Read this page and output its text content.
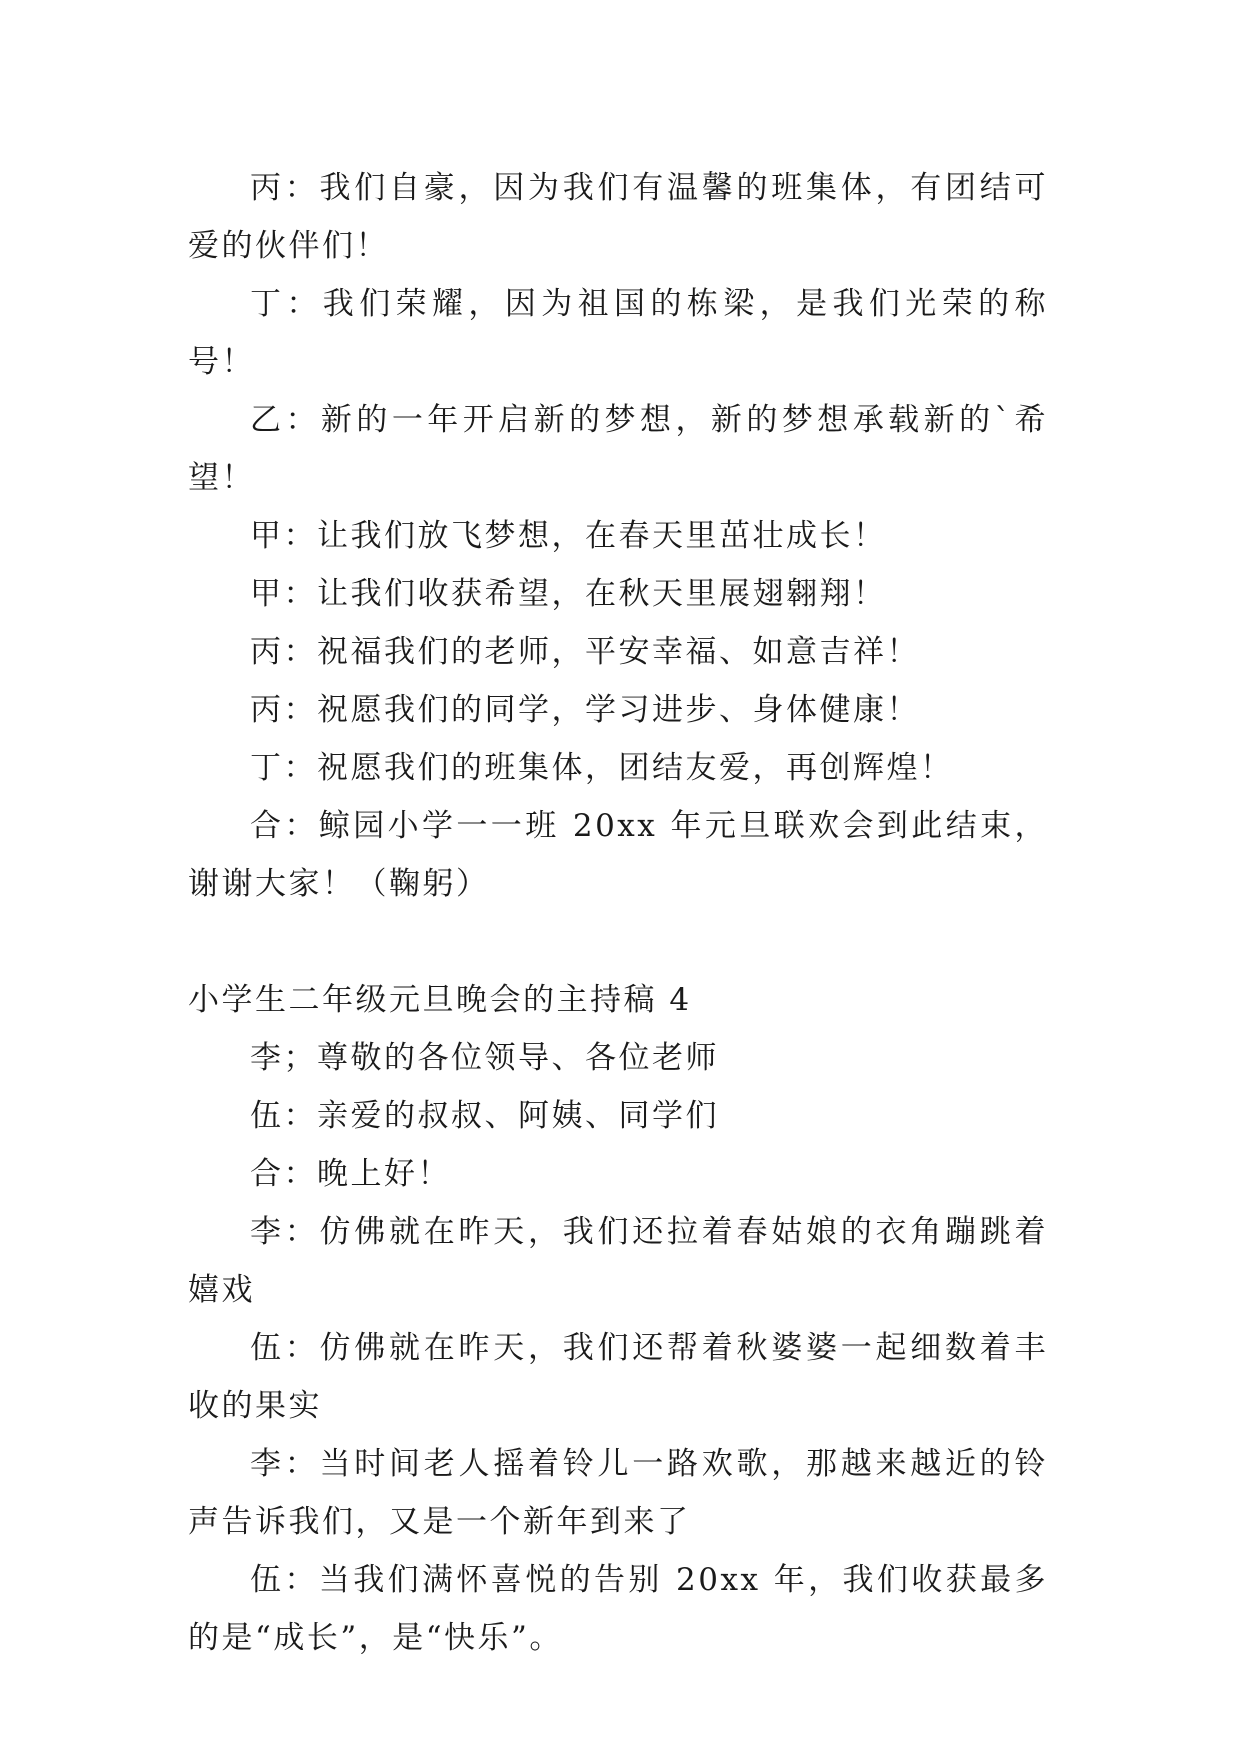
丙：我们自豪，因为我们有温馨的班集体，有团结可爱的伙伴们！

丁：我们荣耀，因为祖国的栋梁，是我们光荣的称号！

乙：新的一年开启新的梦想，新的梦想承载新的`希望！

甲：让我们放飞梦想，在春天里茁壮成长！

甲：让我们收获希望，在秋天里展翅翱翔！

丙：祝福我们的老师，平安幸福、如意吉祥！

丙：祝愿我们的同学，学习进步、身体健康！

丁：祝愿我们的班集体，团结友爱，再创辉煌！

合：鲸园小学一一班 20xx 年元旦联欢会到此结束，谢谢大家！（鞠躬）

小学生二年级元旦晚会的主持稿 4

李；尊敬的各位领导、各位老师

伍：亲爱的叔叔、阿姨、同学们

合：晚上好！

李：仿佛就在昨天，我们还拉着春姑娘的衣角蹦跳着嬉戏

伍：仿佛就在昨天，我们还帮着秋婆婆一起细数着丰收的果实

李：当时间老人摇着铃儿一路欢歌，那越来越近的铃声告诉我们，又是一个新年到来了

伍：当我们满怀喜悦的告别 20xx 年，我们收获最多的是“成长”，是“快乐”。
